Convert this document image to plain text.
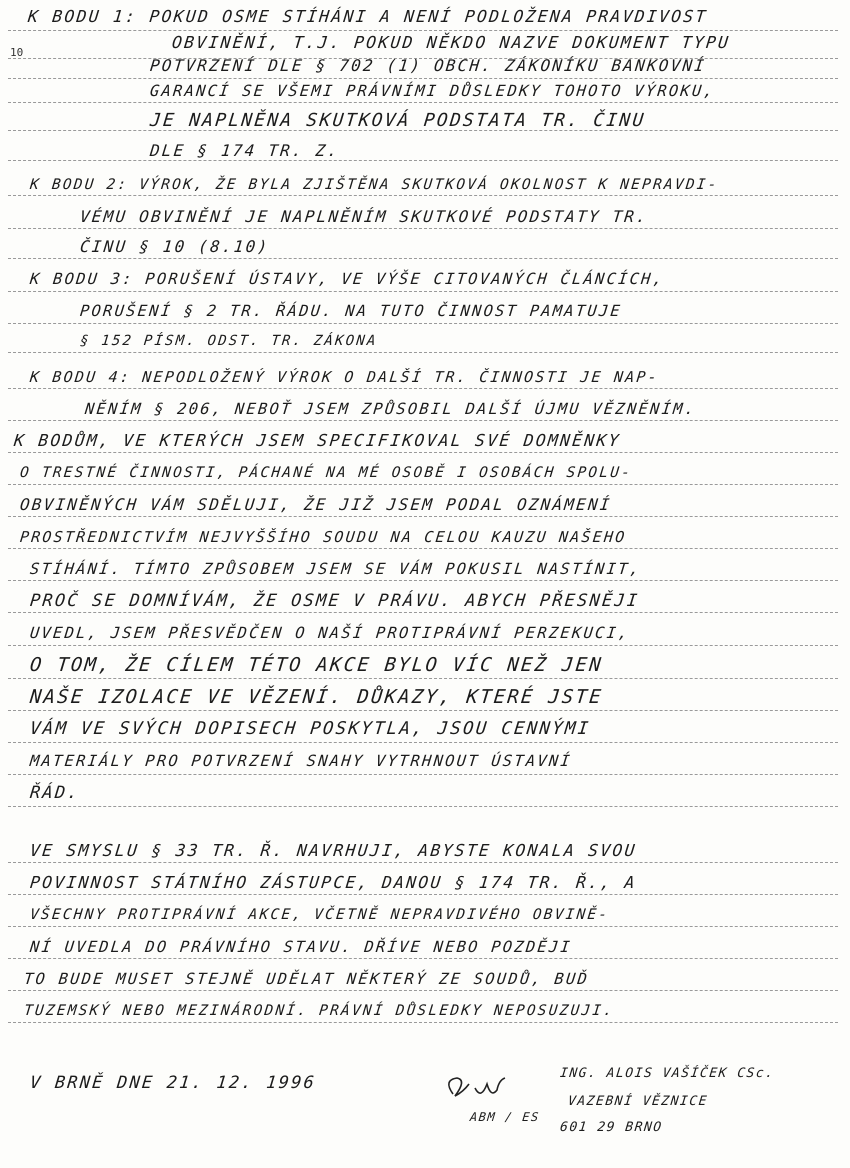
10
K BODU 1: POKUD OSME STÍHÁNI A NENÍ PODLOŽENA PRAVDIVOST
OBVINĚNÍ, T.J. POKUD NĚKDO NAZVE DOKUMENT TYPU
POTVRZENÍ DLE § 702 (1) OBCH. ZÁKONÍKU BANKOVNÍ
GARANCÍ SE VŠEMI PRÁVNÍMI DŮSLEDKY TOHOTO VÝROKU,
JE NAPLNĚNA SKUTKOVÁ PODSTATA TR. ČINU
DLE § 174 TR. Z.
K BODU 2: VÝROK, ŽE BYLA ZJIŠTĚNA SKUTKOVÁ OKOLNOST K NEPRAVDI-
VÉMU OBVINĚNÍ JE NAPLNĚNÍM SKUTKOVÉ PODSTATY TR.
ČINU § 10 (8.10)
K BODU 3: PORUŠENÍ ÚSTAVY, VE VÝŠE CITOVANÝCH ČLÁNCÍCH,
PORUŠENÍ § 2 TR. ŘÁDU. NA TUTO ČINNOST PAMATUJE
§ 152 PÍSM. ODST. TR. ZÁKONA
K BODU 4: NEPODLOŽENÝ VÝROK O DALŠÍ TR. ČINNOSTI JE NAP-
NĚNÍM § 206, NEBOŤ JSEM ZPŮSOBIL DALŠÍ ÚJMU VĚZNĚNÍM.
K BODŮM, VE KTERÝCH JSEM SPECIFIKOVAL SVÉ DOMNĚNKY
O TRESTNÉ ČINNOSTI, PÁCHANÉ NA MÉ OSOBĚ I OSOBÁCH SPOLU-
OBVINĚNÝCH VÁM SDĚLUJI, ŽE JIŽ JSEM PODAL OZNÁMENÍ
PROSTŘEDNICTVÍM NEJVYŠŠÍHO SOUDU NA CELOU KAUZU NAŠEHO
STÍHÁNÍ. TÍMTO ZPŮSOBEM JSEM SE VÁM POKUSIL NASTÍNIT,
PROČ SE DOMNÍVÁM, ŽE OSME V PRÁVU. ABYCH PŘESNĚJI
UVEDL, JSEM PŘESVĚDČEN O NAŠÍ PROTIPRÁVNÍ PERZEKUCI,
O TOM, ŽE CÍLEM TÉTO AKCE BYLO VÍC NEŽ JEN
NAŠE IZOLACE VE VĚZENÍ. DŮKAZY, KTERÉ JSTE
VÁM VE SVÝCH DOPISECH POSKYTLA, JSOU CENNÝMI
MATERIÁLY PRO POTVRZENÍ SNAHY VYTRHNOUT ÚSTAVNÍ
ŘÁD.
VE SMYSLU § 33 TR. Ř. NAVRHUJI, ABYSTE KONALA SVOU
POVINNOST STÁTNÍHO ZÁSTUPCE, DANOU § 174 TR. Ř., A
VŠECHNY PROTIPRÁVNÍ AKCE, VČETNĚ NEPRAVDIVÉHO OBVINĚ-
NÍ UVEDLA DO PRÁVNÍHO STAVU. DŘÍVE NEBO POZDĚJI
TO BUDE MUSET STEJNĚ UDĚLAT NĚKTERÝ ZE SOUDŮ, BUĎ
TUZEMSKÝ NEBO MEZINÁRODNÍ. PRÁVNÍ DŮSLEDKY NEPOSUZUJI.
V BRNĚ DNE 21. 12. 1996
ABM / ES
ING. ALOIS VAŠÍČEK CSc.
VAZEBNÍ VĚZNICE
601 29 BRNO
